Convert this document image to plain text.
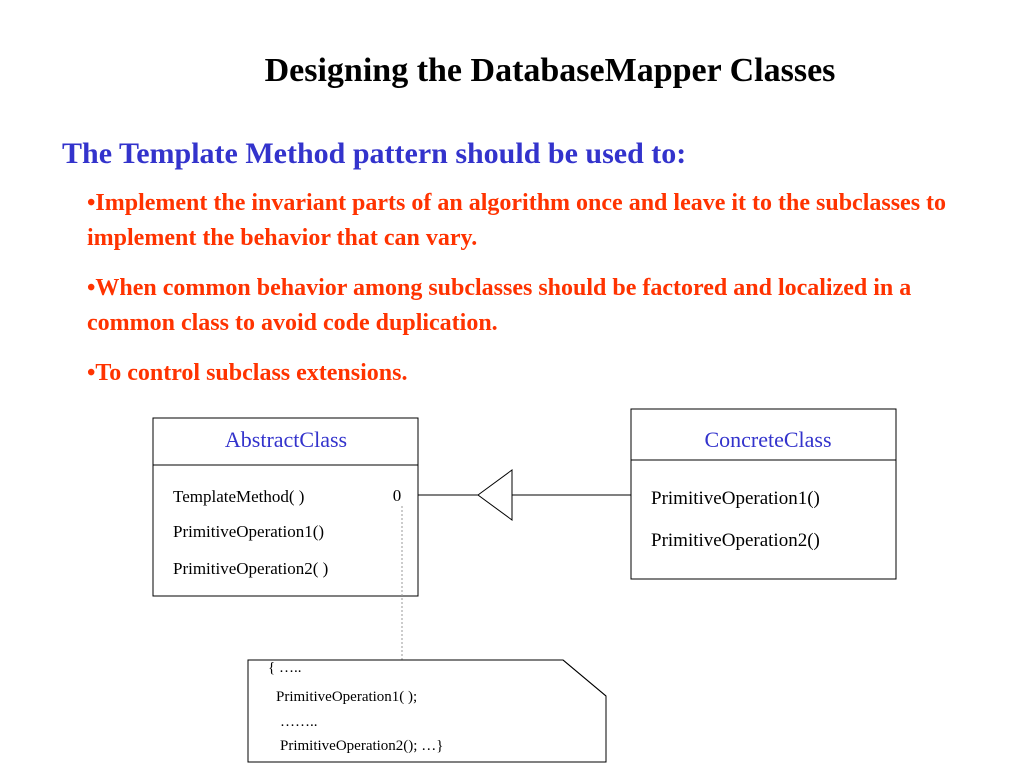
Designing the DatabaseMapper Classes
The Template Method pattern should be used to:
•Implement the invariant parts of an algorithm once and leave it to the subclasses to implement the behavior that can vary.
•When common behavior among subclasses should be factored and localized in a common class to avoid code duplication.
•To control subclass extensions.
AbstractClass
TemplateMethod( )
PrimitiveOperation1()
PrimitiveOperation2( )
0
ConcreteClass
PrimitiveOperation1()
PrimitiveOperation2()
{ …..
PrimitiveOperation1( );
……..
PrimitiveOperation2(); …}
